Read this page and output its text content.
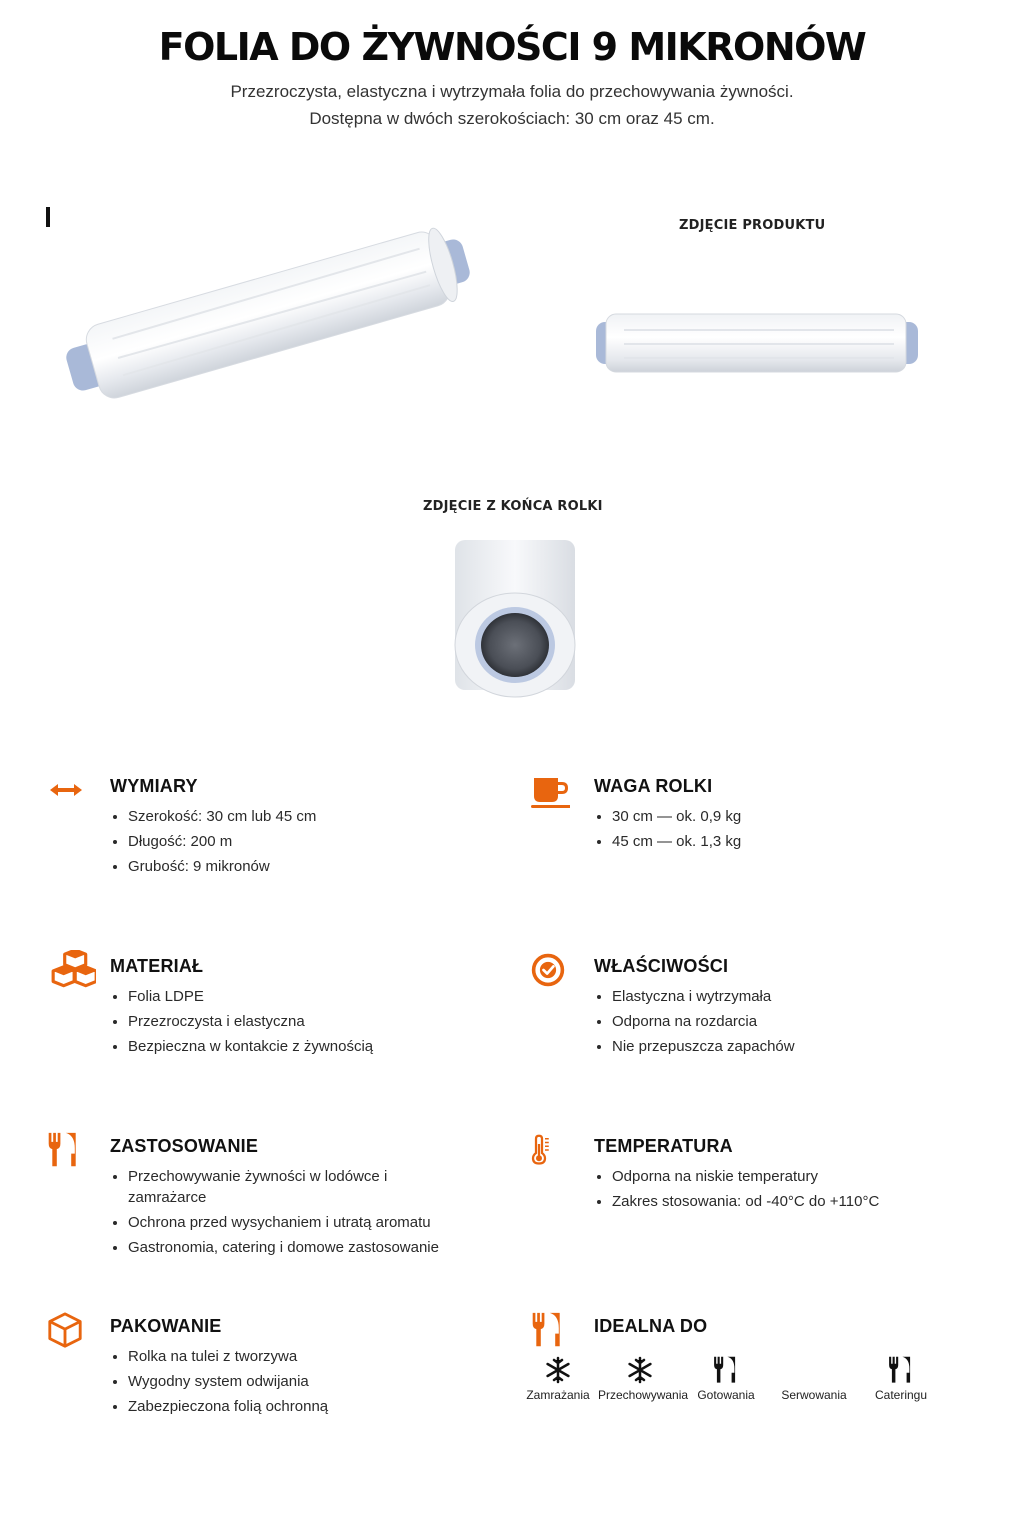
FOLIA DO ŻYWNOŚCI 9 MIKRONÓW

Przezroczysta, elastyczna i wytrzymała folia do przechowywania żywności.
Dostępna w dwóch szerokościach: 30 cm oraz 45 cm.

ZDJĘCIE PRODUKTU
ZDJĘCIE Z KOŃCA ROLKI
WYMIARY
• Szerokość: 30 cm lub 45 cm
• Długość: 200 m
• Grubość: 9 mikronów
WAGA ROLKI
• 30 cm — ok. 0,9 kg
• 45 cm — ok. 1,3 kg
MATERIAŁ
• Folia LDPE
• Przezroczysta i elastyczna
• Bezpieczna w kontakcie z żywnością
WŁAŚCIWOŚCI
• Elastyczna i wytrzymała
• Odporna na rozdarcia
• Nie przepuszcza zapachów
ZASTOSOWANIE
• Przechowywanie żywności w lodówce i zamrażarce
• Ochrona przed wysychaniem i utratą aromatu
• Gastronomia, catering i domowe zastosowanie
TEMPERATURA
• Odporna na niskie temperatury
• Zakres stosowania: od -40°C do +110°C
PAKOWANIE
• Rolka na tulei z tworzywa
• Wygodny system odwijania
• Zabezpieczona folią ochronną
IDEALNA DO
Zamrażania Przechowywania Gotowania	Serwowania	Cateringu
